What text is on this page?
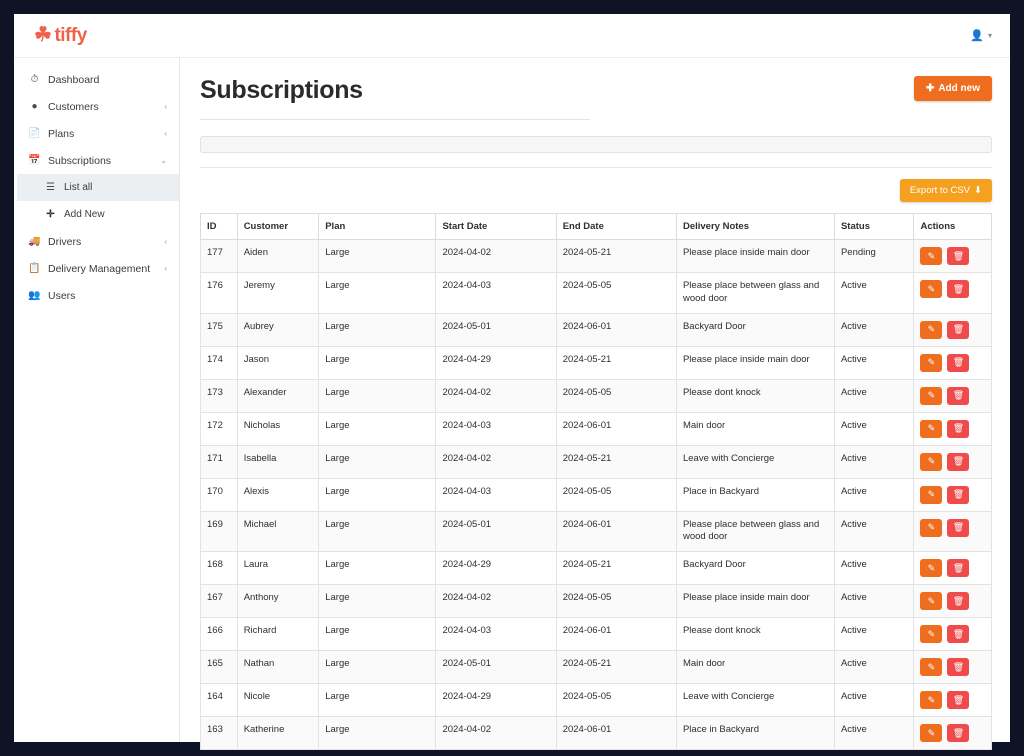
☘ tiffy	👤 ▾
⏱ Dashboard
● Customers	‹
📄 Plans	‹
📅 Subscriptions	⌄
☰ List all
✛ Add New
🚚 Drivers	‹
📋 Delivery Management	‹
👥 Users
Subscriptions	✚ Add new
Export to CSV ⬇
ID	Customer	Plan	Start Date	End Date	Delivery Notes	Status	Actions
177	Aiden	Large	2024-04-02	2024-05-21	Please place inside main door	Pending	✎ 🗑
176	Jeremy	Large	2024-04-03	2024-05-05	Please place between glass and wood door	Active	✎ 🗑
175	Aubrey	Large	2024-05-01	2024-06-01	Backyard Door	Active	✎ 🗑
174	Jason	Large	2024-04-29	2024-05-21	Please place inside main door	Active	✎ 🗑
173	Alexander	Large	2024-04-02	2024-05-05	Please dont knock	Active	✎ 🗑
172	Nicholas	Large	2024-04-03	2024-06-01	Main door	Active	✎ 🗑
171	Isabella	Large	2024-04-02	2024-05-21	Leave with Concierge	Active	✎ 🗑
170	Alexis	Large	2024-04-03	2024-05-05	Place in Backyard	Active	✎ 🗑
169	Michael	Large	2024-05-01	2024-06-01	Please place between glass and wood door	Active	✎ 🗑
168	Laura	Large	2024-04-29	2024-05-21	Backyard Door	Active	✎ 🗑
167	Anthony	Large	2024-04-02	2024-05-05	Please place inside main door	Active	✎ 🗑
166	Richard	Large	2024-04-03	2024-06-01	Please dont knock	Active	✎ 🗑
165	Nathan	Large	2024-05-01	2024-05-21	Main door	Active	✎ 🗑
164	Nicole	Large	2024-04-29	2024-05-05	Leave with Concierge	Active	✎ 🗑
163	Katherine	Large	2024-04-02	2024-06-01	Place in Backyard	Active	✎ 🗑
